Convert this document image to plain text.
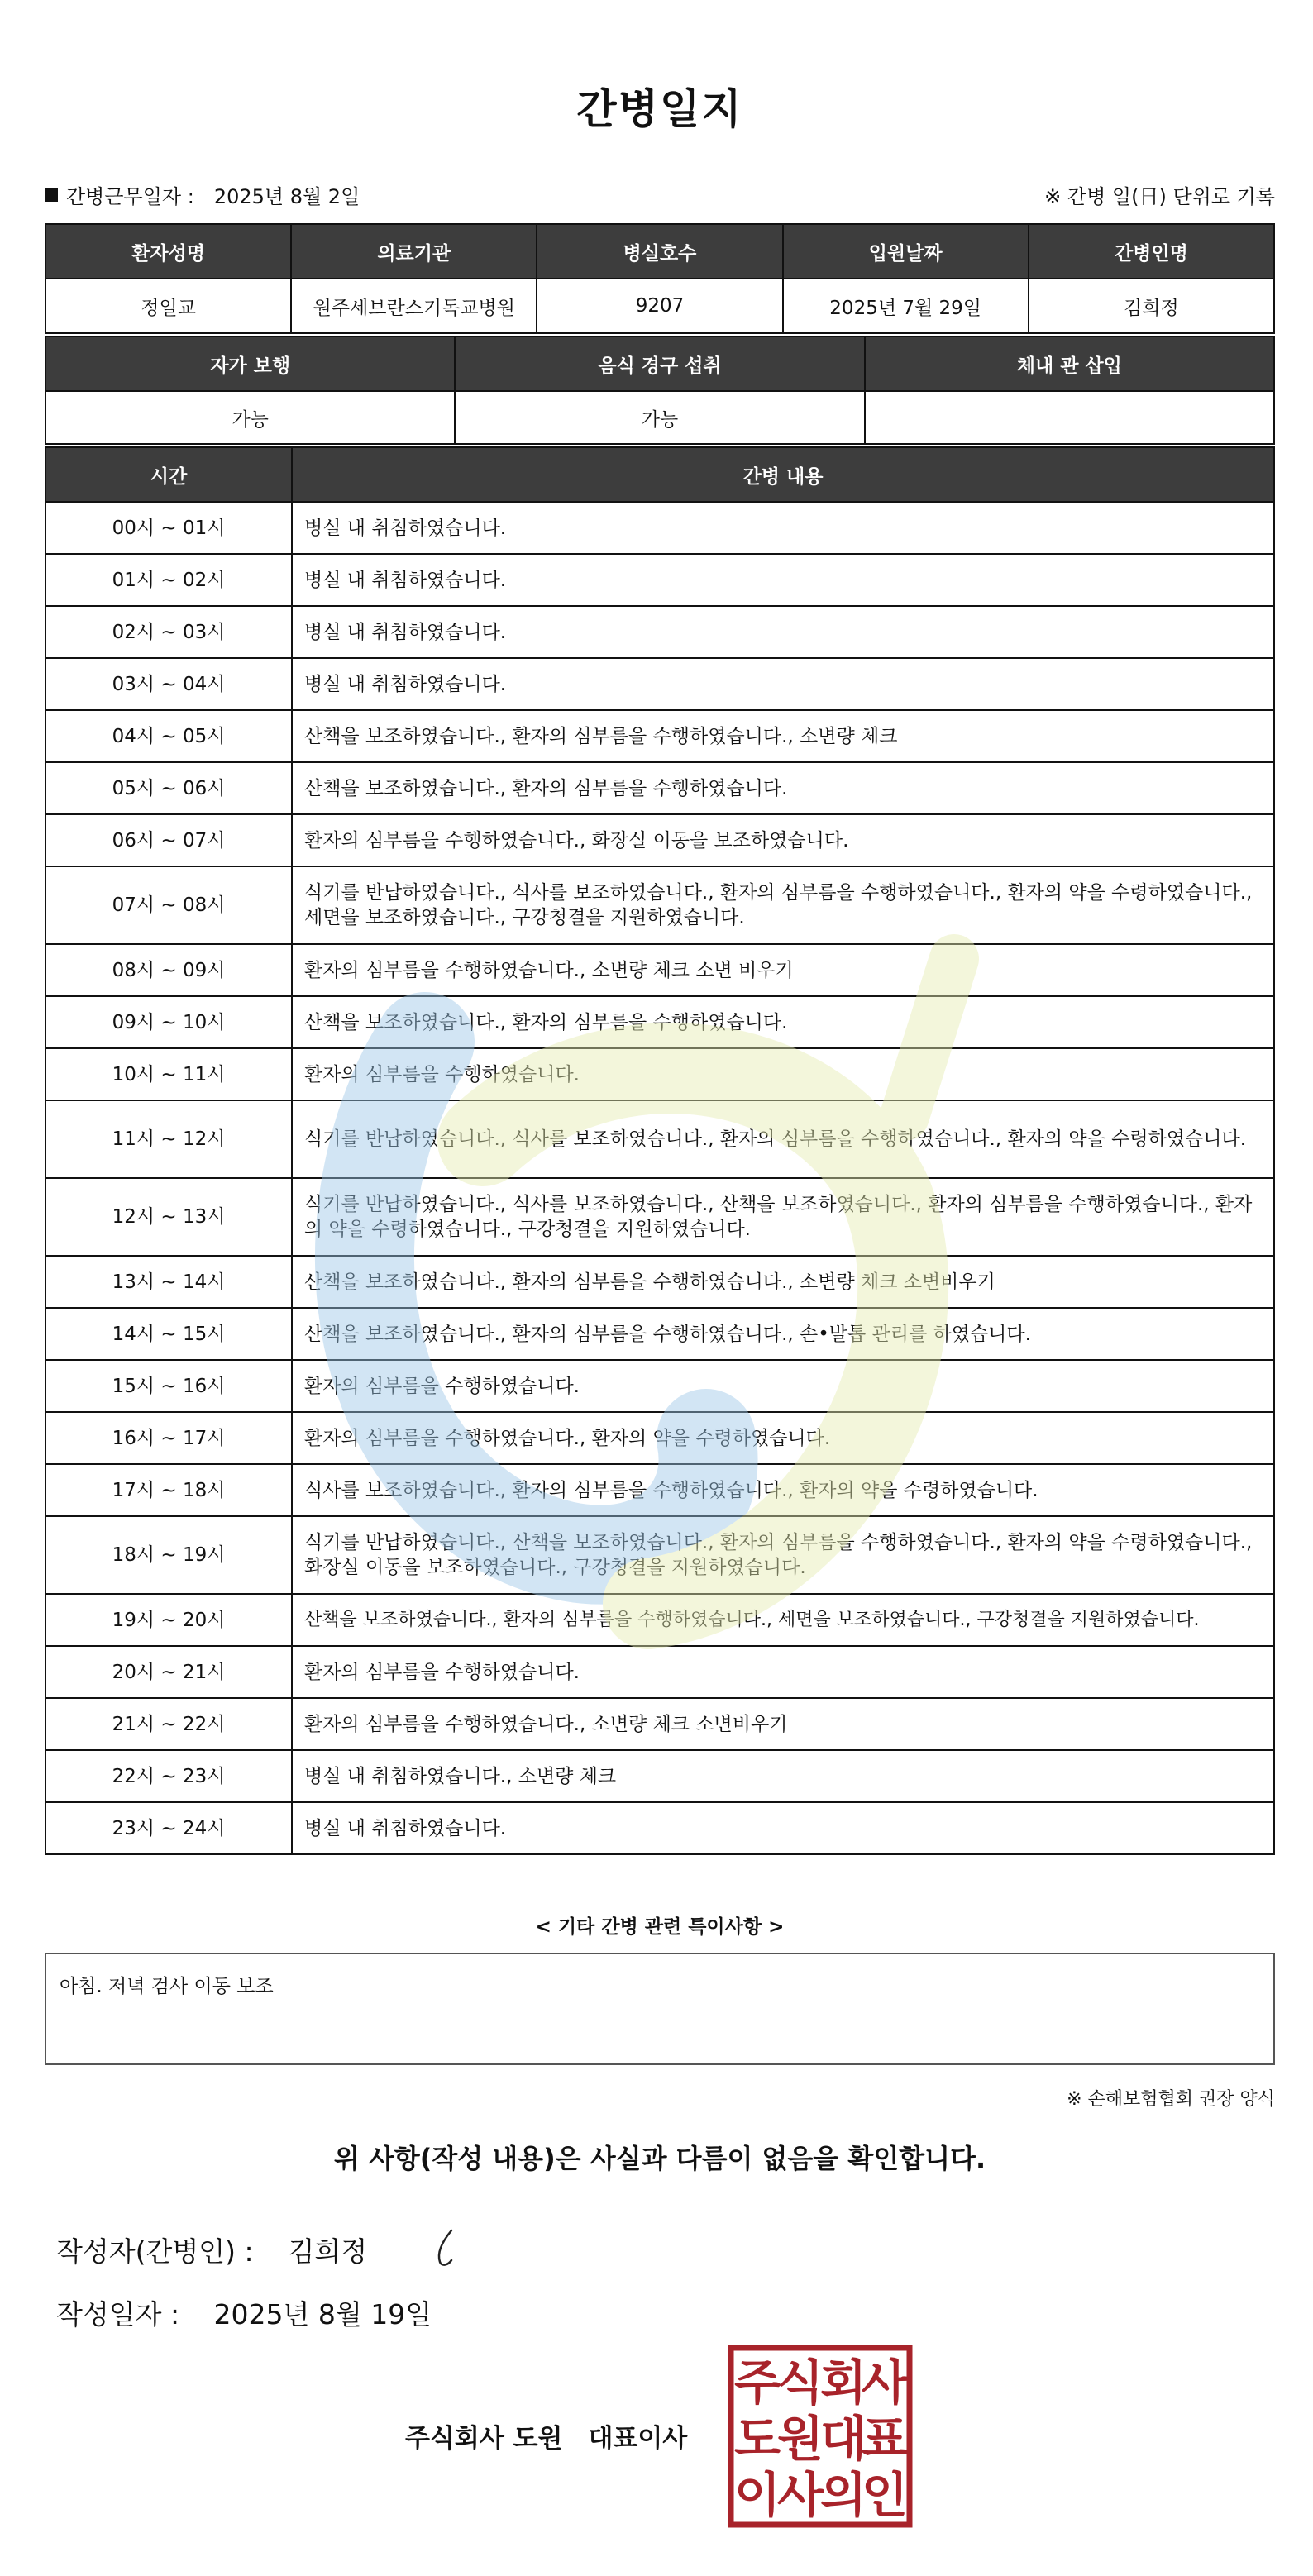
간병일지
간병근무일자 : 2025년 8월 2일	※ 간병 일(日) 단위로 기록
환자성명	의료기관	병실호수	입원날짜	간병인명
정일교	원주세브란스기독교병원	9207	2025년 7월 29일	김희정
자가 보행	음식 경구 섭취	체내 관 삽입
가능	가능	
시간	간병 내용
00시 ~ 01시	병실 내 취침하였습니다.
01시 ~ 02시	병실 내 취침하였습니다.
02시 ~ 03시	병실 내 취침하였습니다.
03시 ~ 04시	병실 내 취침하였습니다.
04시 ~ 05시	산책을 보조하였습니다., 환자의 심부름을 수행하였습니다., 소변량 체크
05시 ~ 06시	산책을 보조하였습니다., 환자의 심부름을 수행하였습니다.
06시 ~ 07시	환자의 심부름을 수행하였습니다., 화장실 이동을 보조하였습니다.
07시 ~ 08시	식기를 반납하였습니다., 식사를 보조하였습니다., 환자의 심부름을 수행하였습니다., 환자의 약을 수령하였습니다., 세면을 보조하였습니다., 구강청결을 지원하였습니다.
08시 ~ 09시	환자의 심부름을 수행하였습니다., 소변량 체크 소변 비우기
09시 ~ 10시	산책을 보조하였습니다., 환자의 심부름을 수행하였습니다.
10시 ~ 11시	환자의 심부름을 수행하였습니다.
11시 ~ 12시	식기를 반납하였습니다., 식사를 보조하였습니다., 환자의 심부름을 수행하였습니다., 환자의 약을 수령하였습니다.
12시 ~ 13시	식기를 반납하였습니다., 식사를 보조하였습니다., 산책을 보조하였습니다., 환자의 심부름을 수행하였습니다., 환자의 약을 수령하였습니다., 구강청결을 지원하였습니다.
13시 ~ 14시	산책을 보조하였습니다., 환자의 심부름을 수행하였습니다., 소변량 체크 소변비우기
14시 ~ 15시	산책을 보조하였습니다., 환자의 심부름을 수행하였습니다., 손•발톱 관리를 하였습니다.
15시 ~ 16시	환자의 심부름을 수행하였습니다.
16시 ~ 17시	환자의 심부름을 수행하였습니다., 환자의 약을 수령하였습니다.
17시 ~ 18시	식사를 보조하였습니다., 환자의 심부름을 수행하였습니다., 환자의 약을 수령하였습니다.
18시 ~ 19시	식기를 반납하였습니다., 산책을 보조하였습니다., 환자의 심부름을 수행하였습니다., 환자의 약을 수령하였습니다., 화장실 이동을 보조하였습니다., 구강청결을 지원하였습니다.
19시 ~ 20시	산책을 보조하였습니다., 환자의 심부름을 수행하였습니다., 세면을 보조하였습니다., 구강청결을 지원하였습니다.
20시 ~ 21시	환자의 심부름을 수행하였습니다.
21시 ~ 22시	환자의 심부름을 수행하였습니다., 소변량 체크 소변비우기
22시 ~ 23시	병실 내 취침하였습니다., 소변량 체크
23시 ~ 24시	병실 내 취침하였습니다.
< 기타 간병 관련 특이사항 >
아침. 저녁 검사 이동 보조
※ 손해보험협회 권장 양식
위 사항(작성 내용)은 사실과 다름이 없음을 확인합니다.
작성자(간병인) : 김희정
작성일자 : 2025년 8월 19일
주식회사 도원　대표이사
주
식
회
사
도
원
대
표
이
사
의
인
